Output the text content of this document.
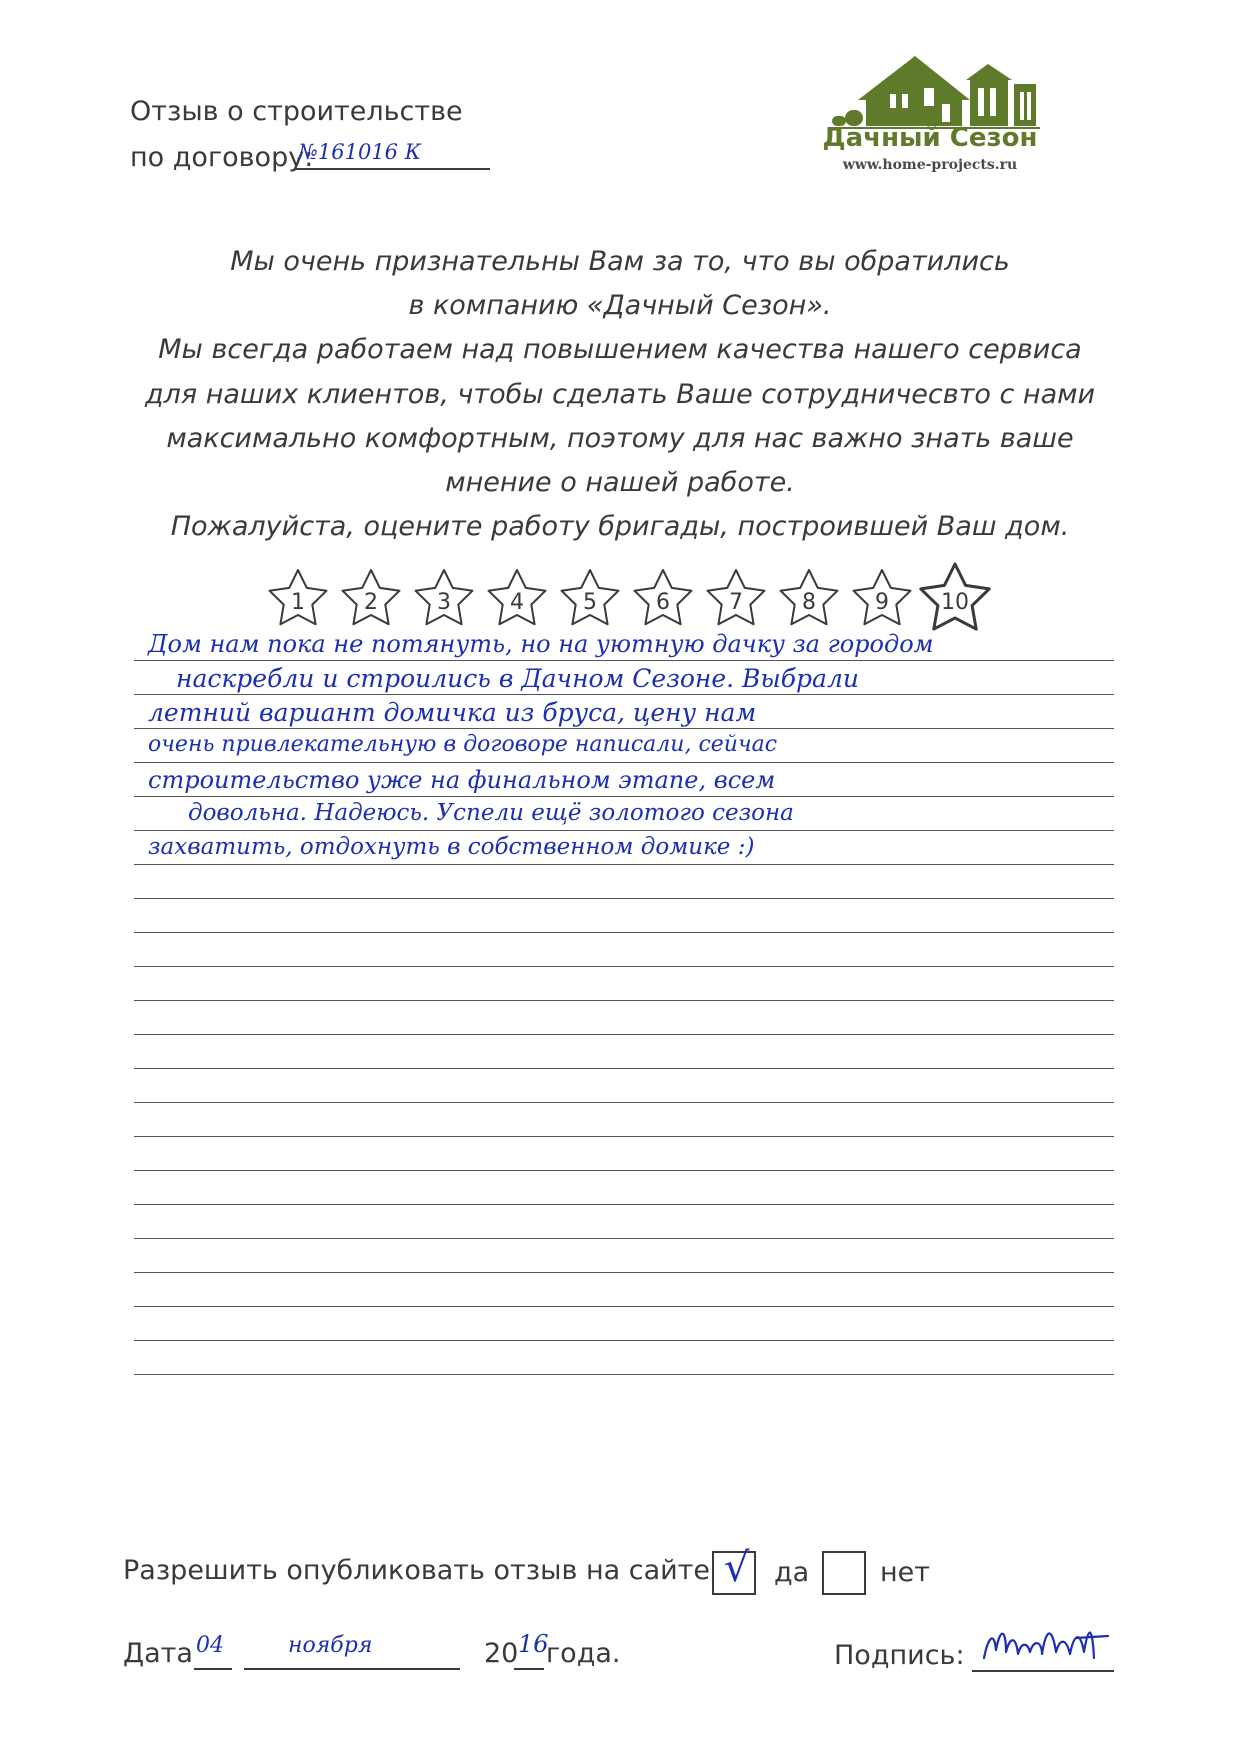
Отзыв о строительстве
по договору:
№161016 К	Дачный Сезон
www.home-projects.ru
Мы очень признательны Вам за то, что вы обратились
в компанию «Дачный Сезон».
Мы всегда работаем над повышением качества нашего сервиса
для наших клиентов, чтобы сделать Ваше сотрудничесвто с нами
максимально комфортным, поэтому для нас важно знать ваше
мнение о нашей работе.
Пожалуйста, оцените работу бригады, построившей Ваш дом.
1	2	3	4	5	6	7	8	9 10
Дом нам пока не потянуть, но на уютную дачку за городом
наскребли и строились в Дачном Сезоне. Выбрали
летний вариант домичка из бруса, цену нам
очень привлекательную в договоре написали, сейчас
строительство уже на финальном этапе, всем
довольна. Надеюсь. Успели ещё золотого сезона
захватить, отдохнуть в собственном домике :)
Разрешить опубликовать отзыв на сайте √ да	нет
Дата 04	ноября	20 16
года.	Подпись:
